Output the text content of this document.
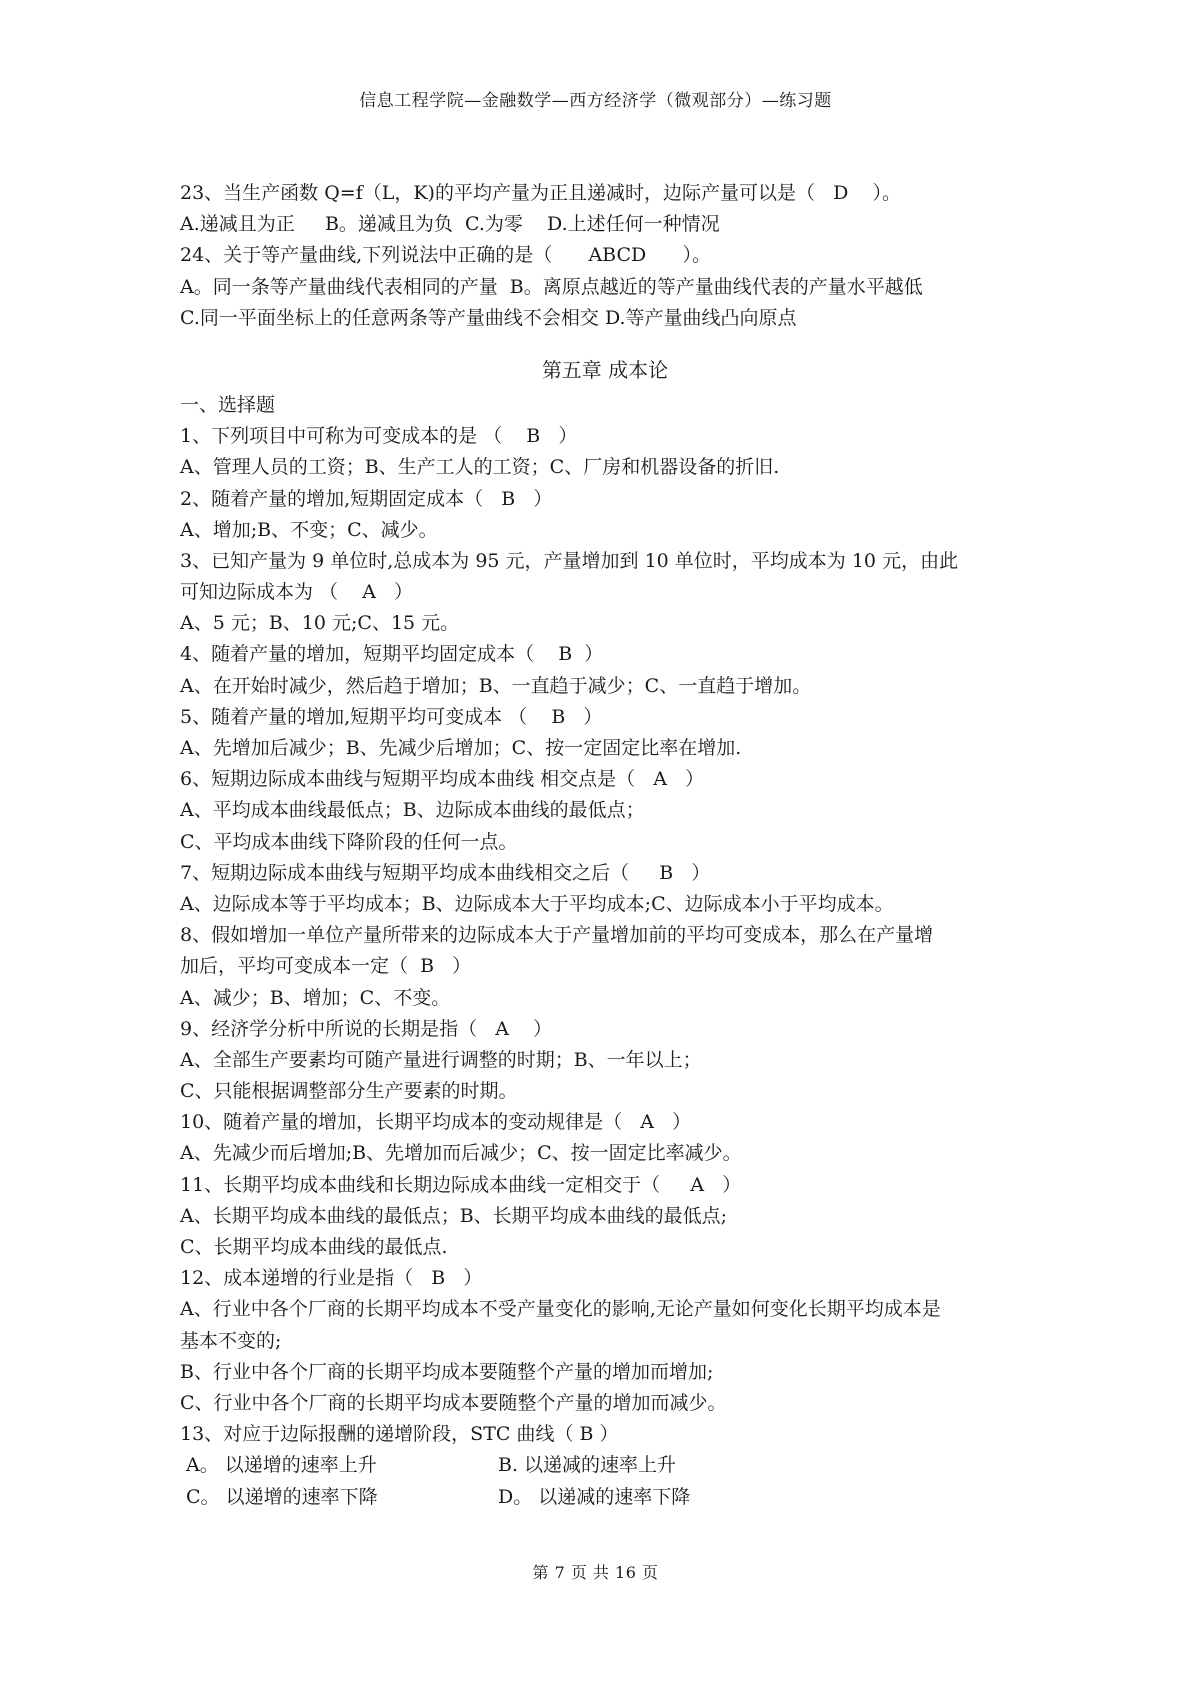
信息工程学院—金融数学—西方经济学（微观部分）—练习题
23、当生产函数 Q=f（L，K)的平均产量为正且递减时，边际产量可以是（   D    ）。
A.递减且为正     B。递减且为负  C.为零    D.上述任何一种情况
24、关于等产量曲线,下列说法中正确的是（      ABCD      ）。
A。同一条等产量曲线代表相同的产量  B。离原点越近的等产量曲线代表的产量水平越低
C.同一平面坐标上的任意两条等产量曲线不会相交 D.等产量曲线凸向原点
第五章 成本论
一、选择题
1、下列项目中可称为可变成本的是 （    B   ）
A、管理人员的工资；B、生产工人的工资；C、厂房和机器设备的折旧.
2、随着产量的增加,短期固定成本（   B   ）
A、增加;B、不变；C、减少。
3、已知产量为 9 单位时,总成本为 95 元，产量增加到 10 单位时，平均成本为 10 元，由此
可知边际成本为 （    A   ）
A、5 元；B、10 元;C、15 元。
4、随着产量的增加，短期平均固定成本（    B  ）
A、在开始时减少，然后趋于增加；B、一直趋于减少；C、一直趋于增加。
5、随着产量的增加,短期平均可变成本 （    B   ）
A、先增加后减少；B、先减少后增加；C、按一定固定比率在增加.
6、短期边际成本曲线与短期平均成本曲线 相交点是（   A   ）
A、平均成本曲线最低点；B、边际成本曲线的最低点；
C、平均成本曲线下降阶段的任何一点。
7、短期边际成本曲线与短期平均成本曲线相交之后（     B   ）
A、边际成本等于平均成本；B、边际成本大于平均成本;C、边际成本小于平均成本。
8、假如增加一单位产量所带来的边际成本大于产量增加前的平均可变成本，那么在产量增
加后，平均可变成本一定（  B   ）
A、减少；B、增加；C、不变。
9、经济学分析中所说的长期是指（   A    ）
A、全部生产要素均可随产量进行调整的时期；B、一年以上；
C、只能根据调整部分生产要素的时期。
10、随着产量的增加，长期平均成本的变动规律是（   A   ）
A、先减少而后增加;B、先增加而后减少；C、按一固定比率减少。
11、长期平均成本曲线和长期边际成本曲线一定相交于（     A   ）
A、长期平均成本曲线的最低点；B、长期平均成本曲线的最低点;
C、长期平均成本曲线的最低点.
12、成本递增的行业是指（   B   ）
A、行业中各个厂商的长期平均成本不受产量变化的影响,无论产量如何变化长期平均成本是
基本不变的;
B、行业中各个厂商的长期平均成本要随整个产量的增加而增加;
C、行业中各个厂商的长期平均成本要随整个产量的增加而减少。
13、对应于边际报酬的递增阶段，STC 曲线（ B ）
A。 以递增的速率上升	B. 以递减的速率上升
C。 以递增的速率下降	D。 以递减的速率下降
第 7 页 共 16 页
